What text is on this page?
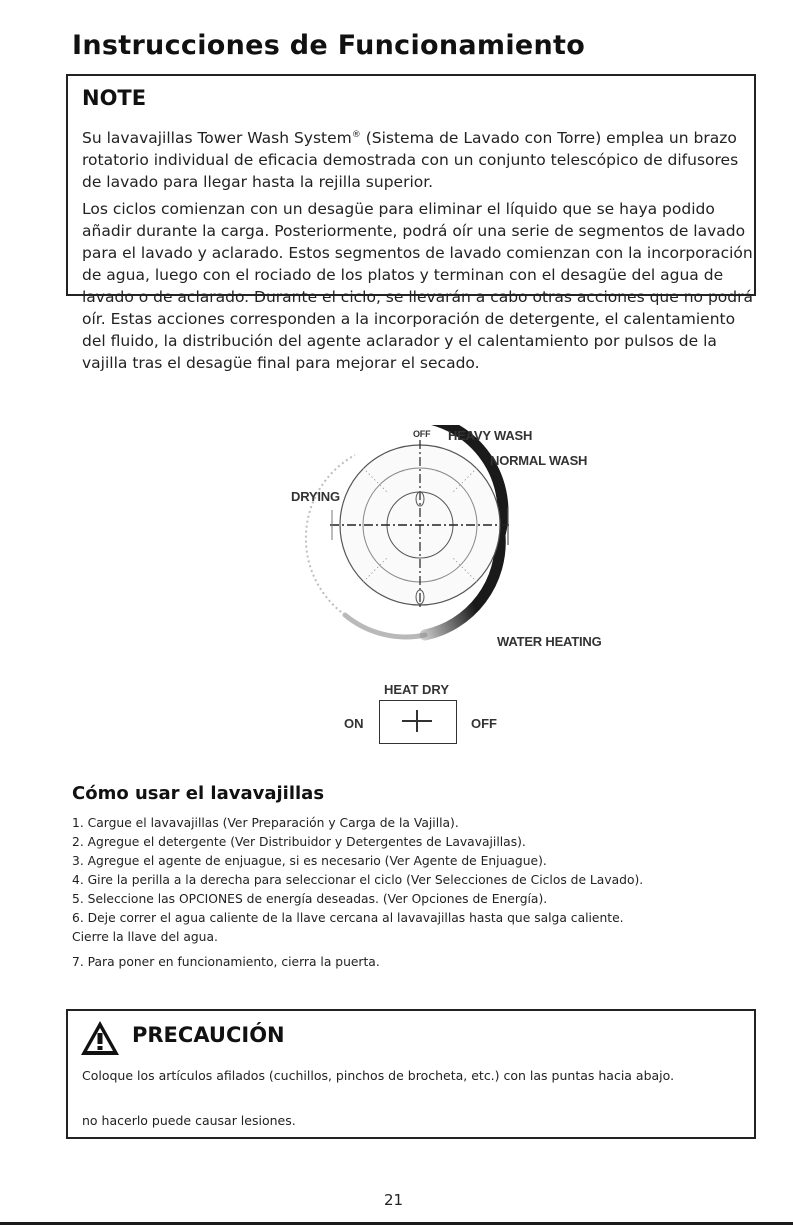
Instrucciones de Funcionamiento
NOTE

Su lavavajillas Tower Wash System® (Sistema de Lavado con Torre) emplea un brazo rotatorio individual de eficacia demostrada con un conjunto telescópico de difusores de lavado para llegar hasta la rejilla superior.

Los ciclos comienzan con un desagüe para eliminar el líquido que se haya podido añadir durante la carga. Posteriormente, podrá oír una serie de segmentos de lavado para el lavado y aclarado. Estos segmentos de lavado comienzan con la incorporación de agua, luego con el rociado de los platos y terminan con el desagüe del agua de lavado o de aclarado. Durante el ciclo, se llevarán a cabo otras acciones que no podrá oír. Estas acciones corresponden a la incorporación de detergente, el calentamiento del fluido, la distribución del agente aclarador y el calentamiento por pulsos de la vajilla tras el desagüe final para mejorar el secado.

OFF HEAVY WASH
NORMAL WASH
DRYING
WATER HEATING
HEAT DRY
ON	OFF
Cómo usar el lavavajillas
1. Cargue el lavavajillas (Ver Preparación y Carga de la Vajilla).
2. Agregue el detergente (Ver Distribuidor y Detergentes de Lavavajillas).
3. Agregue el agente de enjuague, si es necesario (Ver Agente de Enjuague).
4. Gire la perilla a la derecha para seleccionar el ciclo (Ver Selecciones de Ciclos de Lavado).
5. Seleccione las OPCIONES de energía deseadas. (Ver Opciones de Energía).
6. Deje correr el agua caliente de la llave cercana al lavavajillas hasta que salga caliente.
Cierre la llave del agua.
7. Para poner en funcionamiento, cierra la puerta.
PRECAUCIÓN

Coloque los artículos afilados (cuchillos, pinchos de brocheta, etc.) con las puntas hacia abajo.

no hacerlo puede causar lesiones.

21
